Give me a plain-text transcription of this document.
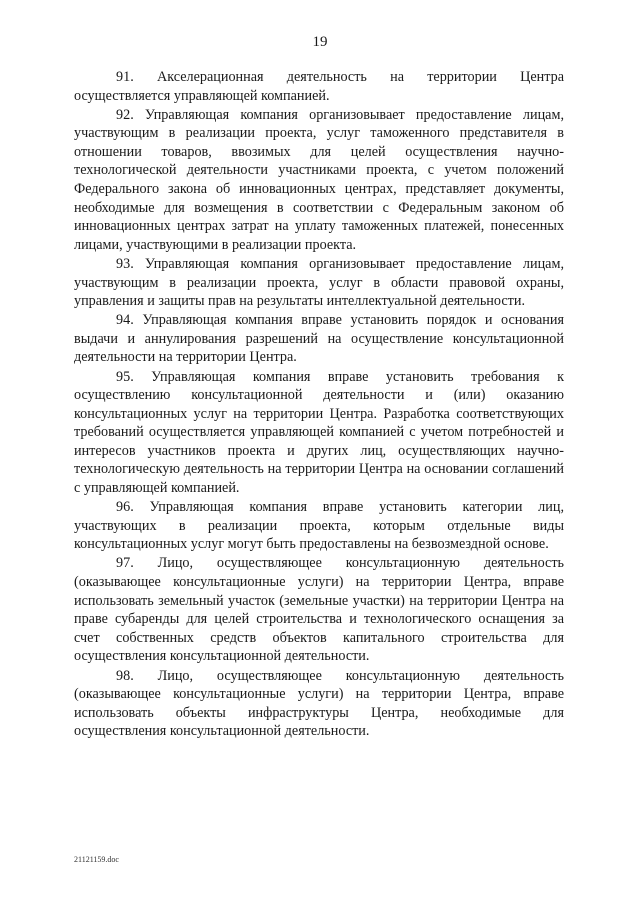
19

91. Акселерационная деятельность на территории Центра осуществляется управляющей компанией.

92. Управляющая компания организовывает предоставление лицам, участвующим в реализации проекта, услуг таможенного представителя в отношении товаров, ввозимых для целей осуществления научно-технологической деятельности участниками проекта, с учетом положений Федерального закона об инновационных центрах, представляет документы, необходимые для возмещения в соответствии с Федеральным законом об инновационных центрах затрат на уплату таможенных платежей, понесенных лицами, участвующими в реализации проекта.

93. Управляющая компания организовывает предоставление лицам, участвующим в реализации проекта, услуг в области правовой охраны, управления и защиты прав на результаты интеллектуальной деятельности.

94. Управляющая компания вправе установить порядок и основания выдачи и аннулирования разрешений на осуществление консультационной деятельности на территории Центра.

95. Управляющая компания вправе установить требования к осуществлению консультационной деятельности и (или) оказанию консультационных услуг на территории Центра. Разработка соответствующих требований осуществляется управляющей компанией с учетом потребностей и интересов участников проекта и других лиц, осуществляющих научно-технологическую деятельность на территории Центра на основании соглашений с управляющей компанией.

96. Управляющая компания вправе установить категории лиц, участвующих в реализации проекта, которым отдельные виды консультационных услуг могут быть предоставлены на безвозмездной основе.

97. Лицо, осуществляющее консультационную деятельность (оказывающее консультационные услуги) на территории Центра, вправе использовать земельный участок (земельные участки) на территории Центра на праве субаренды для целей строительства и технологического оснащения за счет собственных средств объектов капитального строительства для осуществления консультационной деятельности.

98. Лицо, осуществляющее консультационную деятельность (оказывающее консультационные услуги) на территории Центра, вправе использовать объекты инфраструктуры Центра, необходимые для осуществления консультационной деятельности.

21121159.doc
